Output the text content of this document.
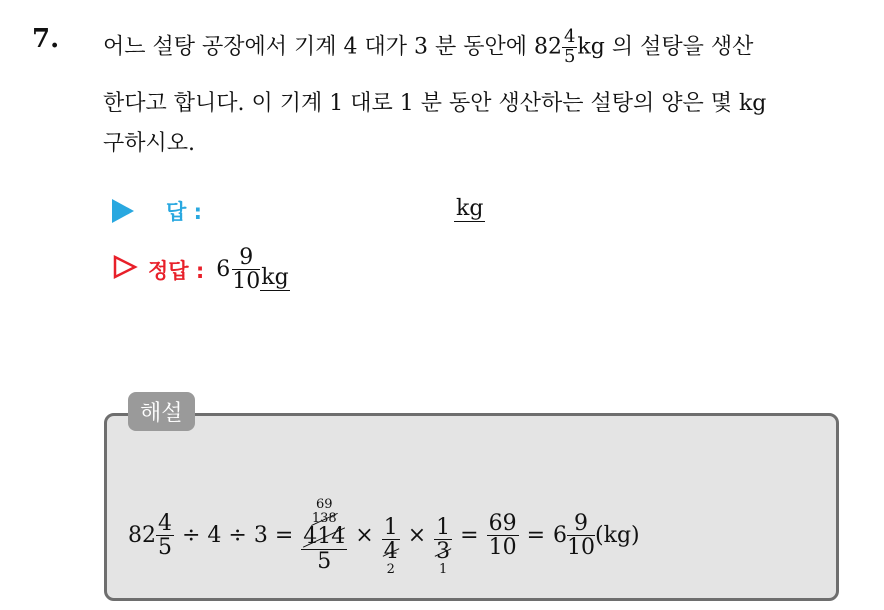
7. 어느 설탕 공장에서 기계 4 대가 3 분 동안에 $82 \frac{4}{5}$ kg 의 설탕을 생산
한다고 합니다. 이 기계 1 대로 1 분 동안 생산하는 설탕의 양은 몇 kg
구하시오.
답 :	kg
정답 : $6 \frac{9}{10}$ kg
해설
$82 \frac{4}{5} \div 4 \div 3$ =
69
138
414
5
× 1
4
2
× 1
3
1
= $\frac{69}{10} = 6 \frac{9}{10} (kg)$
